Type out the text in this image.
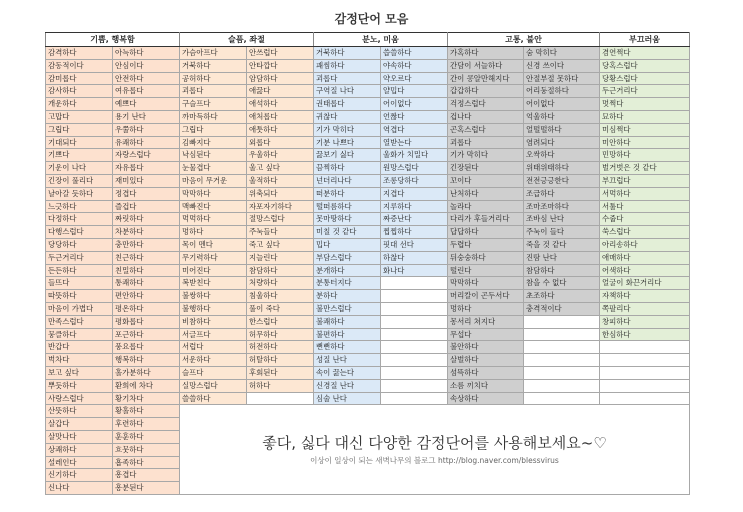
감정단어 모음
기쁨, 행복함		슬픔, 좌절		분노, 미움		고통, 불안		부끄러움
감격하다	아늑하다	가슴아프다	안쓰럽다	거북하다	씁쓸하다	가혹하다	숨 막히다	겸연쩍다
감동적이다	안심이다	거북하다	안타깝다	괘씸하다	야속하다	간담이 서늘하다	신경 쓰이다	당혹스럽다
감미롭다	안전하다	공허하다	암담하다	괴롭다	약오르다	간이 콩알만해지다	안절부절 못하다	당황스럽다
감사하다	여유롭다	괴롭다	애끓다	구역질 나다	얄밉다	갑갑하다	어리둥절하다	두근거리다
개운하다	예쁘다	구슬프다	애석하다	권태롭다	어이없다	걱정스럽다	어이없다	멋쩍다
고맙다	용기 난다	까마득하다	애처롭다	귀찮다	언짢다	겁나다	억울하다	묘하다
그립다	우쭐하다	그립다	애틋하다	기가 막히다	역겹다	곤혹스럽다	얼떨떨하다	미심쩍다
기대되다	유쾌하다	김빠지다	외롭다	기분 나쁘다	열받는다	괴롭다	염려되다	미안하다
기쁘다	자랑스럽다	낙심된다	우울하다	끓보기 싫다	울화가 치밀다	기가 막히다	오싹하다	민망하다
기운이 나다	자유롭다	눈물겹다	울고 싶다	끔찍하다	원망스럽다	긴장된다	위태위태하다	벌거벗은 것 같다
긴장이 풀리다	재미있다	마음이 무거운	울적하다	넌더리나다	조롱당하다	꼬이다	전전긍긍한다	부끄럽다
날아갈 듯하다	정겹다	막막하다	위축되다	떠분하다	지겹다	난처하다	조급하다	서먹하다
느긋하다	즐겁다	맥빠진다	자포자기하다	떨떠름하다	지루하다	놀라다	조마조마하다	서툴다
다정하다	짜릿하다	먹먹하다	절망스럽다	못마땅하다	짜증난다	다리가 후들거리다	조바심 난다	수줍다
다행스럽다	차분하다	멍하다	주눅들다	미칠 것 같다	찝찝하다	답답하다	주눅이 들다	쑥스럽다
당당하다	충만하다	목이 멘다	죽고 싶다	밉다	핏대 선다	두렵다	죽을 것 같다	아리송하다
두근거리다	친근하다	무기력하다	지늘린다	부담스럽다	하찮다	뒤숭숭하다	진땀 난다	애매하다
든든하다	친밀하다	미어진다	참담하다	분개하다	화나다	떨린다	참담하다	어색하다
들뜨다	통쾌하다	복받친다	처량하다	분통터지다		막막하다	참을 수 없다	얼굴이 화끈거리다
따뜻하다	편안하다	불쌍하다	침울하다	분하다		머리칼이 곤두서다	초조하다	자책하다
마음이 가볍다	평온하다	불행하다	풀이 죽다	불만스럽다		멍하다	충격적이다	쪽팔리다
만족스럽다	평화롭다	비참하다	한스럽다	불쾌하다		몽서리 쳐지다		창피하다
뭉클하다	포근하다	서글프다	허무하다	불편하다		무섭다		한심하다
반갑다	풍요롭다	서럽다	허전하다	뻔뻔하다		불안하다		
벅차다	행복하다	서운하다	허탈하다	성질 난다		살벌하다		
보고 싶다	홀가분하다	슬프다	후회된다	속이 끓는다		섬뜩하다		
뿌듯하다	환희에 차다	실망스럽다	허하다	신경질 난다		소름 끼치다		
사랑스럽다	황기차다	쓸쓸하다		심술 난다		속상하다		
산뜻하다	황홀하다	좋다, 싫다 대신 다양한 감정단어를 사용해보세요~♡
이상이 일상이 되는 새벽나무의 블로그 http://blog.naver.com/blessvirus						

살갑다	후련하다							
살맛나다	훈훈하다							
상쾌하다	흐뭇하다							
설레인다	흡족하다							
신기하다	흥겹다							
신나다	흥분된다							
